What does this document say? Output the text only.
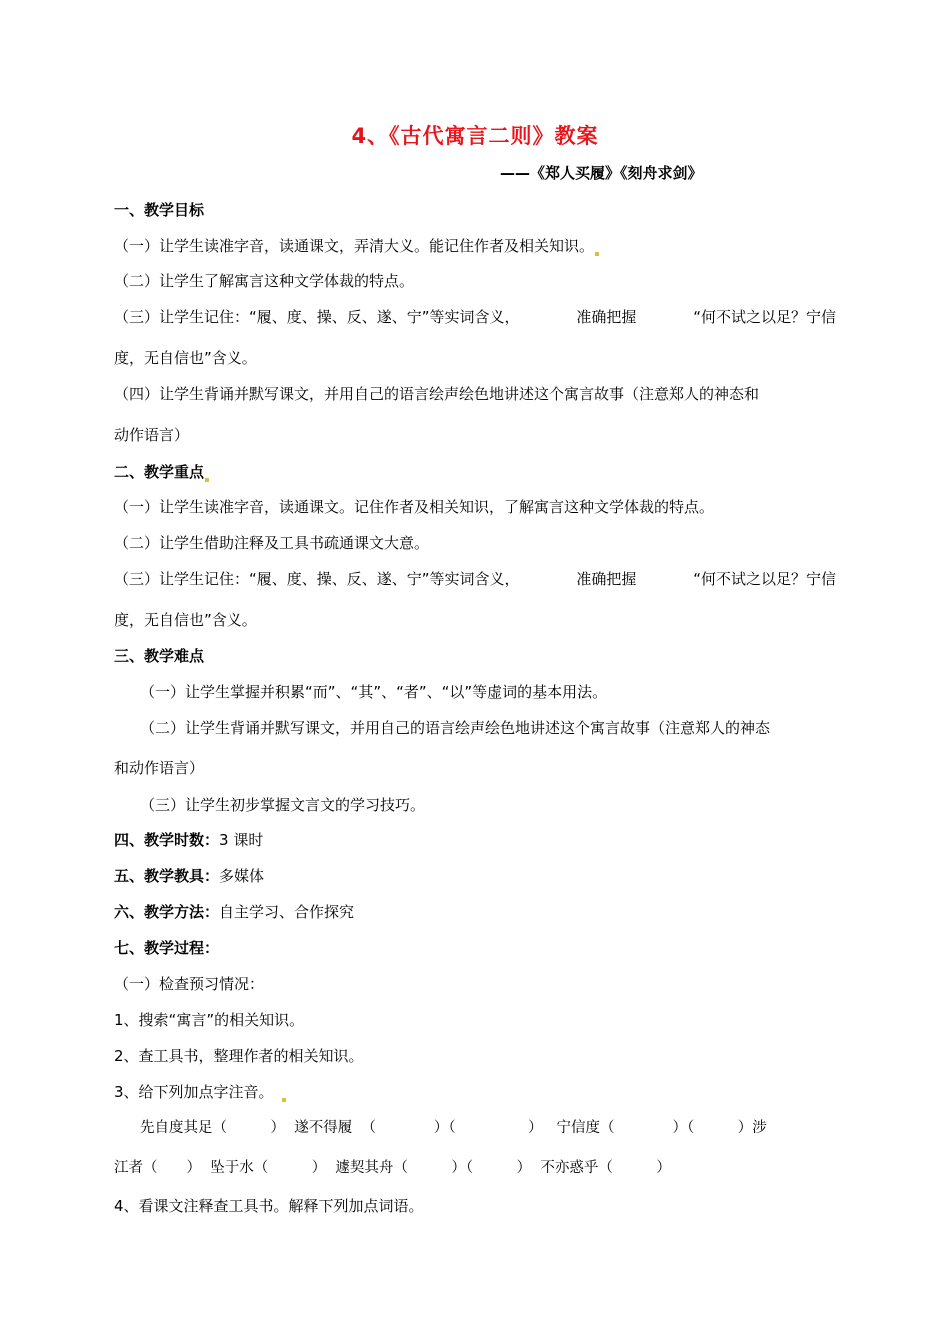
4、《古代寓言二则》教案
——《郑人买履》《刻舟求剑》
一、教学目标
（一）让学生读准字音，读通课文，弄清大义。能记住作者及相关知识。
（二）让学生了解寓言这种文学体裁的特点。
（三）让学生记住：“履、度、操、反、遂、宁”等实词含义，	准确把握	“何不试之以足？宁信
度，无自信也”含义。
（四）让学生背诵并默写课文，并用自己的语言绘声绘色地讲述这个寓言故事（注意郑人的神态和
动作语言）
二、教学重点
（一）让学生读准字音，读通课文。记住作者及相关知识，了解寓言这种文学体裁的特点。
（二）让学生借助注释及工具书疏通课文大意。
（三）让学生记住：“履、度、操、反、遂、宁”等实词含义，	准确把握	“何不试之以足？宁信
度，无自信也”含义。
三、教学难点
（一）让学生掌握并积累“而”、“其”、“者”、“以”等虚词的基本用法。
（二）让学生背诵并默写课文，并用自己的语言绘声绘色地讲述这个寓言故事（注意郑人的神态
和动作语言）
（三）让学生初步掌握文言文的学习技巧。
四、教学时数：3 课时
五、教学教具：多媒体
六、教学方法：自主学习、合作探究
七、教学过程：
（一）检查预习情况：
1、搜索“寓言”的相关知识。
2、查工具书，整理作者的相关知识。
3、给下列加点字注音。
先自度其足（　　　）  遂不得履  （　　　　）（　　　　　）   宁信度（　　　　）（　　　）涉
江者（　　）  坠于水（　　　）  遽契其舟（　　　）（　　　）  不亦惑乎（　　　）
4、看课文注释查工具书。解释下列加点词语。
